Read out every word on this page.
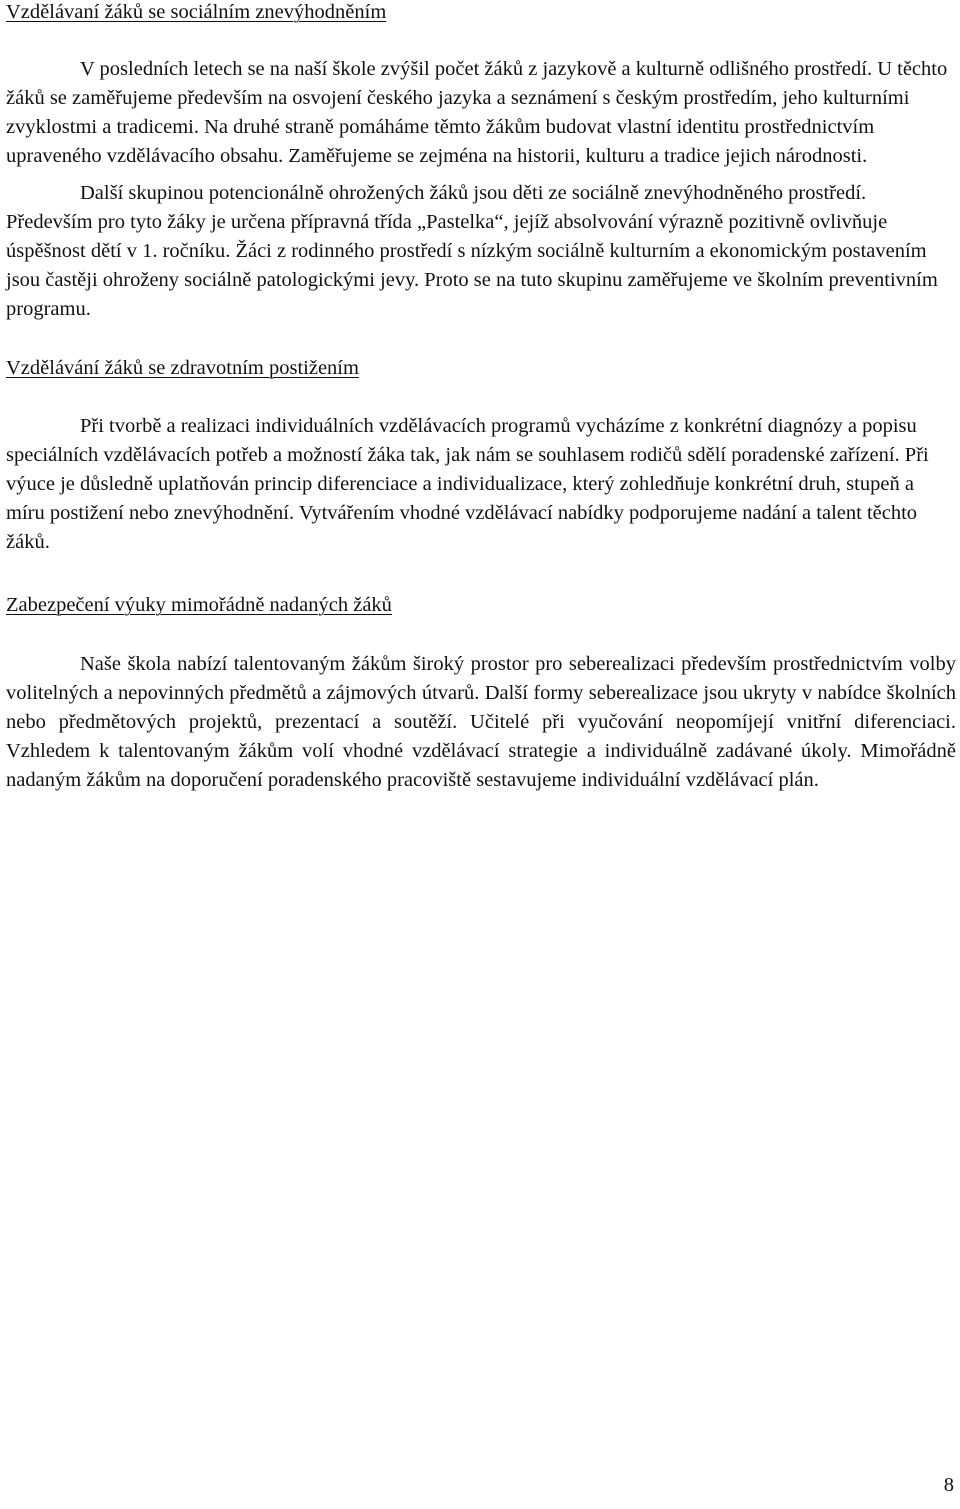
Vzdělávaní žáků se sociálním znevýhodněním

V posledních letech se na naší škole zvýšil počet žáků z jazykově a kulturně odlišného prostředí. U těchto žáků se zaměřujeme především na osvojení českého jazyka a seznámení s českým prostředím, jeho kulturními zvyklostmi a tradicemi. Na druhé straně pomáháme těmto žákům budovat vlastní identitu prostřednictvím upraveného vzdělávacího obsahu. Zaměřujeme se zejména na historii, kulturu a tradice jejich národnosti.

Další skupinou potencionálně ohrožených žáků jsou děti ze sociálně znevýhodněného prostředí. Především pro tyto žáky je určena přípravná třída „Pastelka“, jejíž absolvování výrazně pozitivně ovlivňuje úspěšnost dětí v 1. ročníku. Žáci z rodinného prostředí s nízkým sociálně kulturním a ekonomickým postavením jsou častěji ohroženy sociálně patologickými jevy. Proto se na tuto skupinu zaměřujeme ve školním preventivním programu.

Vzdělávání žáků se zdravotním postižením

Při tvorbě a realizaci individuálních vzdělávacích programů vycházíme z konkrétní diagnózy a popisu speciálních vzdělávacích potřeb a možností žáka tak, jak nám se souhlasem rodičů sdělí poradenské zařízení. Při výuce je důsledně uplatňován princip diferenciace a individualizace, který zohledňuje konkrétní druh, stupeň a míru postižení nebo znevýhodnění. Vytvářením vhodné vzdělávací nabídky podporujeme nadání a talent těchto žáků.

Zabezpečení výuky mimořádně nadaných žáků

Naše škola nabízí talentovaným žákům široký prostor pro seberealizaci především prostřednictvím volby volitelných a nepovinných předmětů a zájmových útvarů. Další formy seberealizace jsou ukryty v nabídce školních nebo předmětových projektů, prezentací a soutěží. Učitelé při vyučování neopomíjejí vnitřní diferenciaci. Vzhledem k talentovaným žákům volí vhodné vzdělávací strategie a individuálně zadávané úkoly. Mimořádně nadaným žákům na doporučení poradenského pracoviště sestavujeme individuální vzdělávací plán.

8
